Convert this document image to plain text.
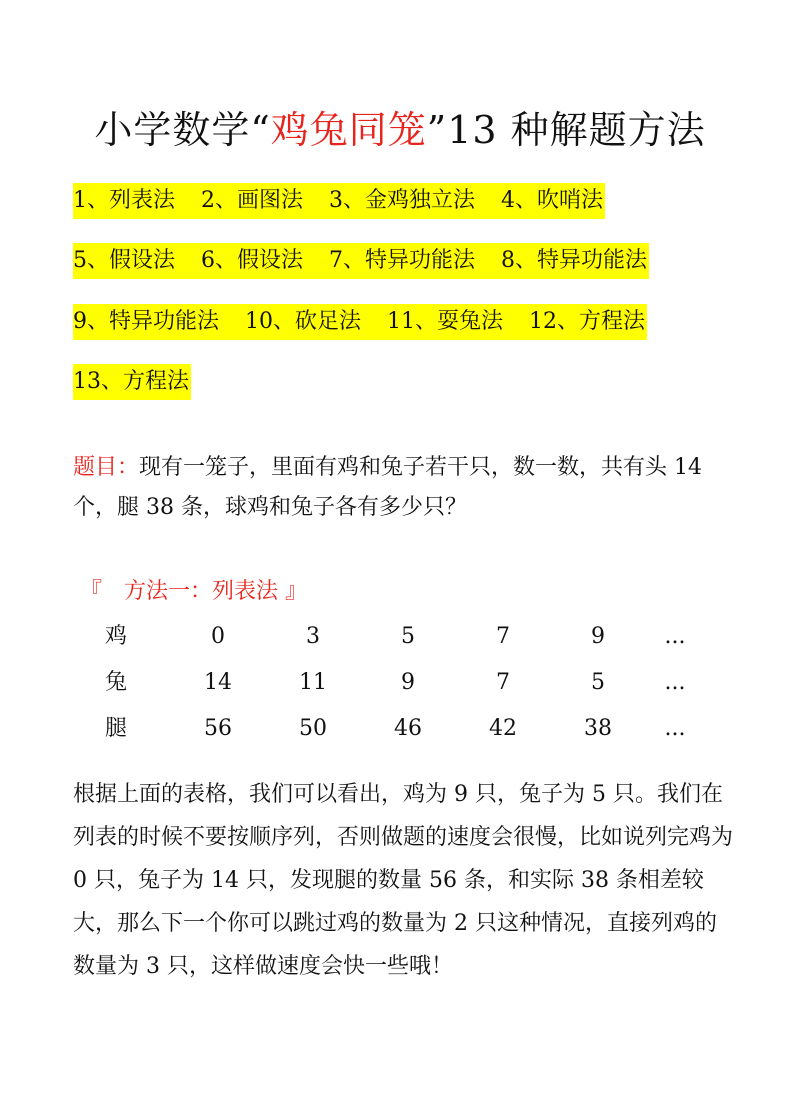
小学数学“鸡兔同笼”13 种解题方法
1、列表法 2、画图法 3、金鸡独立法 4、吹哨法
5、假设法 6、假设法 7、特异功能法 8、特异功能法
9、特异功能法 10、砍足法 11、耍兔法 12、方程法
13、方程法
题目：现有一笼子，里面有鸡和兔子若干只，数一数，共有头 14 个，腿 38 条，球鸡和兔子各有多少只？
『　方法一：列表法 』
鸡	0	3	5	7	9	...
兔	14	11	9	7	5	...
腿	56	50	46	42	38	...
根据上面的表格，我们可以看出，鸡为 9 只，兔子为 5 只。我们在列表的时候不要按顺序列，否则做题的速度会很慢，比如说列完鸡为 0 只，兔子为 14 只，发现腿的数量 56 条，和实际 38 条相差较大，那么下一个你可以跳过鸡的数量为 2 只这种情况，直接列鸡的数量为 3 只，这样做速度会快一些哦！
